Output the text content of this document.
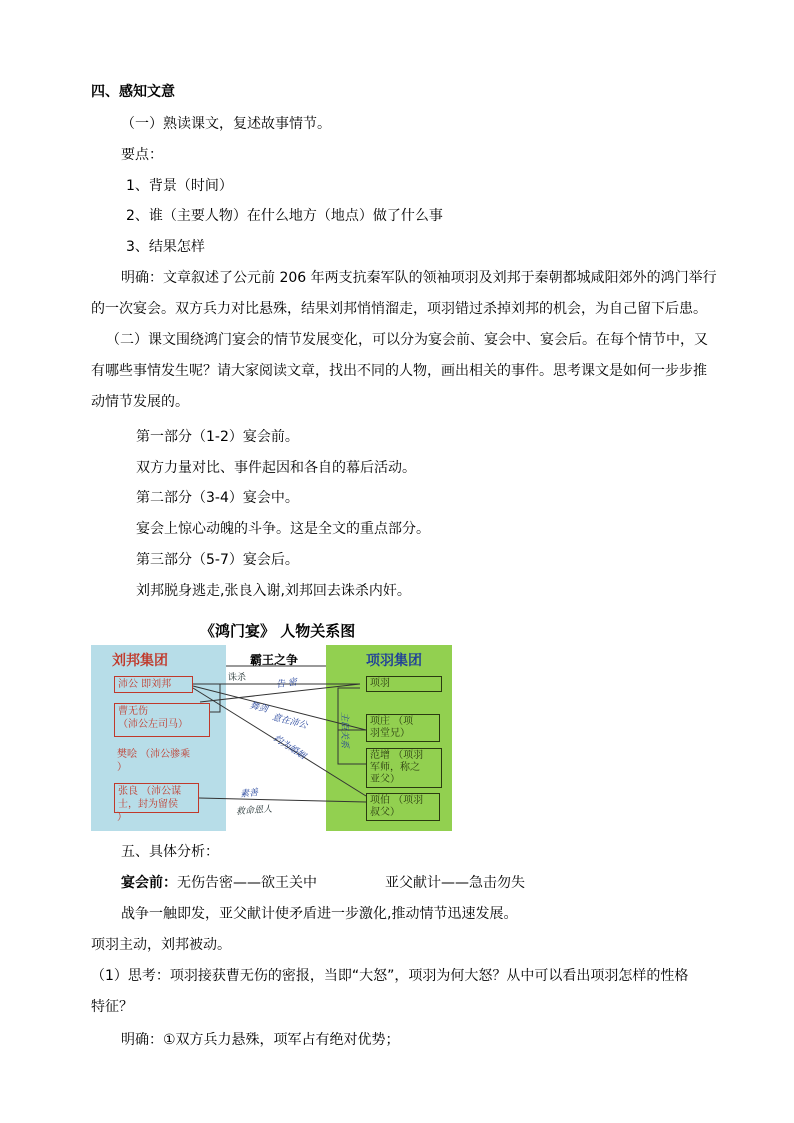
四、感知文意
（一）熟读课文，复述故事情节。
要点：
1、背景（时间）
2、谁（主要人物）在什么地方（地点）做了什么事
3、结果怎样
明确：文章叙述了公元前 206 年两支抗秦军队的领袖项羽及刘邦于秦朝都城咸阳郊外的鸿门举行
的一次宴会。双方兵力对比悬殊，结果刘邦悄悄溜走，项羽错过杀掉刘邦的机会，为自己留下后患。
（二）课文围绕鸿门宴会的情节发展变化，可以分为宴会前、宴会中、宴会后。在每个情节中，又
有哪些事情发生呢？请大家阅读文章，找出不同的人物，画出相关的事件。思考课文是如何一步步推
动情节发展的。
第一部分（1-2）宴会前。
双方力量对比、事件起因和各自的幕后活动。
第二部分（3-4）宴会中。
宴会上惊心动魄的斗争。这是全文的重点部分。
第三部分（5-7）宴会后。
刘邦脱身逃走,张良入谢,刘邦回去诛杀内奸。
《鸿门宴》 人物关系图
刘邦集团	项羽集团
霸王之争
沛公 即刘邦
曹无伤
（沛公左司马）
樊哙 （沛公骖乘
）
张良 （沛公谋
士，封为留侯
）
项羽
项庄 （项
羽堂兄）
范增 （项羽
军师，称之
亚父）
项伯 （项羽
叔父）
诛杀	告 密
舞剑
意在沛公
约为婚姻
素善
救命恩人
主臣关系
五、具体分析：
宴会前：无伤告密——欲王关中	亚父献计——急击勿失
战争一触即发，亚父献计使矛盾进一步激化,推动情节迅速发展。
项羽主动，刘邦被动。
（1）思考：项羽接获曹无伤的密报，当即“大怒”，项羽为何大怒？从中可以看出项羽怎样的性格
特征？
明确：①双方兵力悬殊，项军占有绝对优势；
